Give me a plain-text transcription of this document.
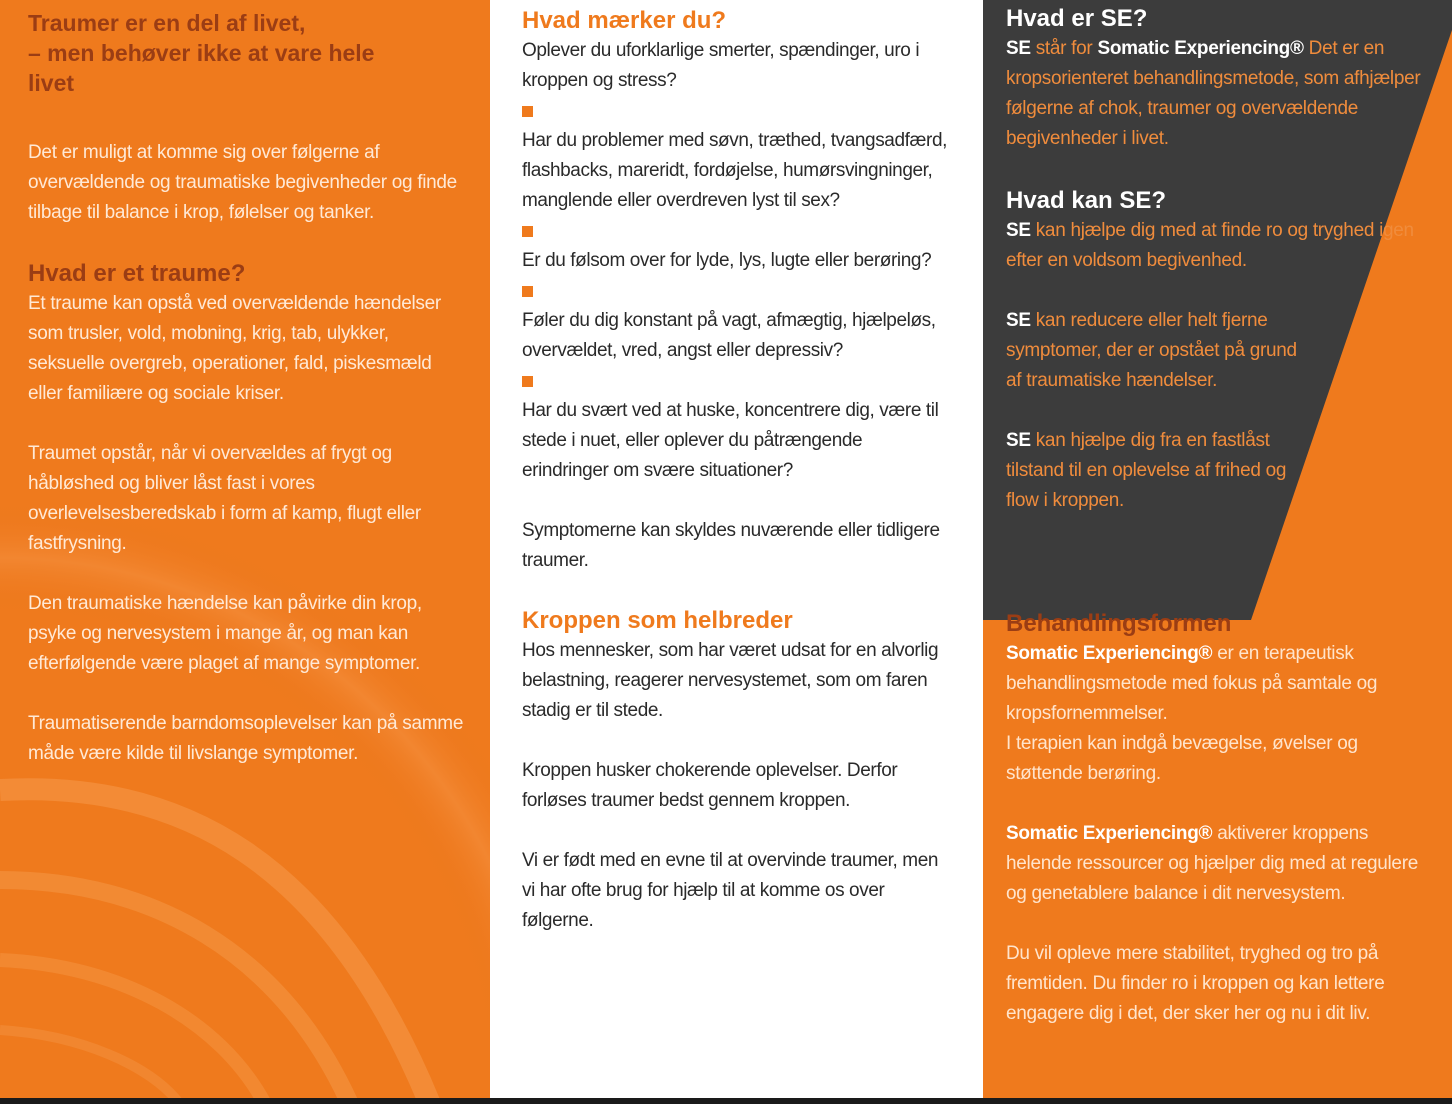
Traumer er en del af livet,
– men behøver ikke at vare hele
livet

Det er muligt at komme sig over følgerne af overvældende og traumatiske begivenheder og finde tilbage til balance i krop, følelser og tanker.

Hvad er et traume?

Et traume kan opstå ved overvældende hændelser som trusler, vold, mobning, krig, tab, ulykker, seksuelle overgreb, operationer, fald, piskesmæld eller familiære og sociale kriser.

Traumet opstår, når vi overvældes af frygt og håbløshed og bliver låst fast i vores overlevelsesberedskab i form af kamp, flugt eller fastfrysning.

Den traumatiske hændelse kan påvirke din krop, psyke og nervesystem i mange år, og man kan efterfølgende være plaget af mange symptomer.

Traumatiserende barndomsoplevelser kan på samme måde være kilde til livslange symptomer.

Hvad mærker du?

Oplever du uforklarlige smerter, spændinger, uro i kroppen og stress?

Har du problemer med søvn, træthed, tvangsadfærd, flashbacks, mareridt, fordøjelse, humørsvingninger, manglende eller overdreven lyst til sex?

Er du følsom over for lyde, lys, lugte eller berøring?

Føler du dig konstant på vagt, afmægtig, hjælpeløs, overvældet, vred, angst eller depressiv?

Har du svært ved at huske, koncentrere dig, være til stede i nuet, eller oplever du påtrængende erindringer om svære situationer?

Symptomerne kan skyldes nuværende eller tidligere traumer.

Kroppen som helbreder

Hos mennesker, som har været udsat for en alvorlig belastning, reagerer nervesystemet, som om faren stadig er til stede.

Kroppen husker chokerende oplevelser. Derfor forløses traumer bedst gennem kroppen.

Vi er født med en evne til at overvinde traumer, men vi har ofte brug for hjælp til at komme os over følgerne.

Hvad er SE?

SE står for Somatic Experiencing® Det er en kropsorienteret behandlingsmetode, som afhjælper følgerne af chok, traumer og overvældende begivenheder i livet.

Hvad kan SE?

SE kan hjælpe dig med at finde ro og tryghed igen efter en voldsom begivenhed.

SE kan reducere eller helt fjerne symptomer, der er opstået på grund af traumatiske hændelser.

SE kan hjælpe dig fra en fastlåst tilstand til en oplevelse af frihed og flow i kroppen.

Behandlingsformen

Somatic Experiencing® er en terapeutisk behandlingsmetode med fokus på samtale og kropsfornemmelser.

I terapien kan indgå bevægelse, øvelser og støttende berøring.

Somatic Experiencing® aktiverer kroppens helende ressourcer og hjælper dig med at regulere og genetablere balance i dit nervesystem.

Du vil opleve mere stabilitet, tryghed og tro på fremtiden. Du finder ro i kroppen og kan lettere engagere dig i det, der sker her og nu i dit liv.
